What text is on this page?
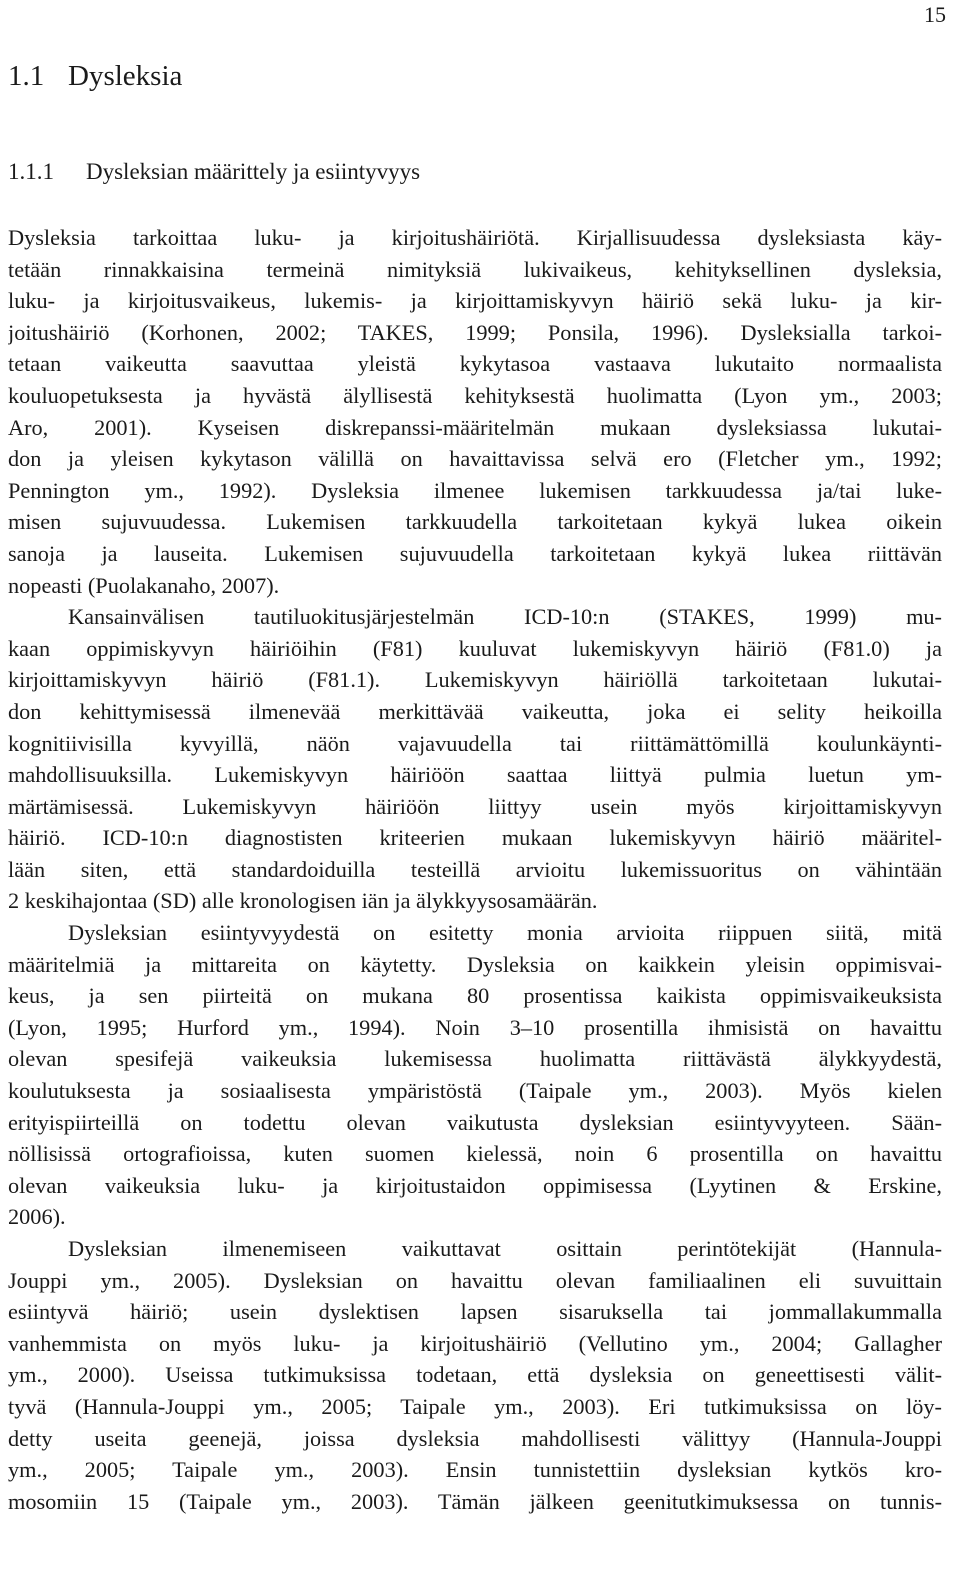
15
1.1 Dysleksia
1.1.1 Dysleksian määrittely ja esiintyvyys
Dysleksia tarkoittaa luku- ja kirjoitushäiriötä. Kirjallisuudessa dysleksiasta käy-
tetään rinnakkaisina termeinä nimityksiä lukivaikeus, kehityksellinen dysleksia,
luku- ja kirjoitusvaikeus, lukemis- ja kirjoittamiskyvyn häiriö sekä luku- ja kir-
joitushäiriö (Korhonen, 2002; TAKES, 1999; Ponsila, 1996). Dysleksialla tarkoi-
tetaan vaikeutta saavuttaa yleistä kykytasoa vastaava lukutaito normaalista
kouluopetuksesta ja hyvästä älyllisestä kehityksestä huolimatta (Lyon ym., 2003;
Aro, 2001). Kyseisen diskrepanssi-määritelmän mukaan dysleksiassa lukutai-
don ja yleisen kykytason välillä on havaittavissa selvä ero (Fletcher ym., 1992;
Pennington ym., 1992). Dysleksia ilmenee lukemisen tarkkuudessa ja/tai luke-
misen sujuvuudessa. Lukemisen tarkkuudella tarkoitetaan kykyä lukea oikein
sanoja ja lauseita. Lukemisen sujuvuudella tarkoitetaan kykyä lukea riittävän
nopeasti (Puolakanaho, 2007).
Kansainvälisen tautiluokitusjärjestelmän ICD-10:n (STAKES, 1999) mu-
kaan oppimiskyvyn häiriöihin (F81) kuuluvat lukemiskyvyn häiriö (F81.0) ja
kirjoittamiskyvyn häiriö (F81.1). Lukemiskyvyn häiriöllä tarkoitetaan lukutai-
don kehittymisessä ilmenevää merkittävää vaikeutta, joka ei selity heikoilla
kognitiivisilla kyvyillä, näön vajavuudella tai riittämättömillä koulunkäynti-
mahdollisuuksilla. Lukemiskyvyn häiriöön saattaa liittyä pulmia luetun ym-
märtämisessä. Lukemiskyvyn häiriöön liittyy usein myös kirjoittamiskyvyn
häiriö. ICD-10:n diagnostisten kriteerien mukaan lukemiskyvyn häiriö määritel-
lään siten, että standardoiduilla testeillä arvioitu lukemissuoritus on vähintään
2 keskihajontaa (SD) alle kronologisen iän ja älykkyysosamäärän.
Dysleksian esiintyvyydestä on esitetty monia arvioita riippuen siitä, mitä
määritelmiä ja mittareita on käytetty. Dysleksia on kaikkein yleisin oppimisvai-
keus, ja sen piirteitä on mukana 80 prosentissa kaikista oppimisvaikeuksista
(Lyon, 1995; Hurford ym., 1994). Noin 3–10 prosentilla ihmisistä on havaittu
olevan spesifejä vaikeuksia lukemisessa huolimatta riittävästä älykkyydestä,
koulutuksesta ja sosiaalisesta ympäristöstä (Taipale ym., 2003). Myös kielen
erityispiirteillä on todettu olevan vaikutusta dysleksian esiintyvyyteen. Sään-
nöllisissä ortografioissa, kuten suomen kielessä, noin 6 prosentilla on havaittu
olevan vaikeuksia luku- ja kirjoitustaidon oppimisessa (Lyytinen & Erskine,
2006).
Dysleksian ilmenemiseen vaikuttavat osittain perintötekijät (Hannula-
Jouppi ym., 2005). Dysleksian on havaittu olevan familiaalinen eli suvuittain
esiintyvä häiriö; usein dyslektisen lapsen sisaruksella tai jommallakummalla
vanhemmista on myös luku- ja kirjoitushäiriö (Vellutino ym., 2004; Gallagher
ym., 2000). Useissa tutkimuksissa todetaan, että dysleksia on geneettisesti välit-
tyvä (Hannula-Jouppi ym., 2005; Taipale ym., 2003). Eri tutkimuksissa on löy-
detty useita geenejä, joissa dysleksia mahdollisesti välittyy (Hannula-Jouppi
ym., 2005; Taipale ym., 2003). Ensin tunnistettiin dysleksian kytkös kro-
mosomiin 15 (Taipale ym., 2003). Tämän jälkeen geenitutkimuksessa on tunnis-
